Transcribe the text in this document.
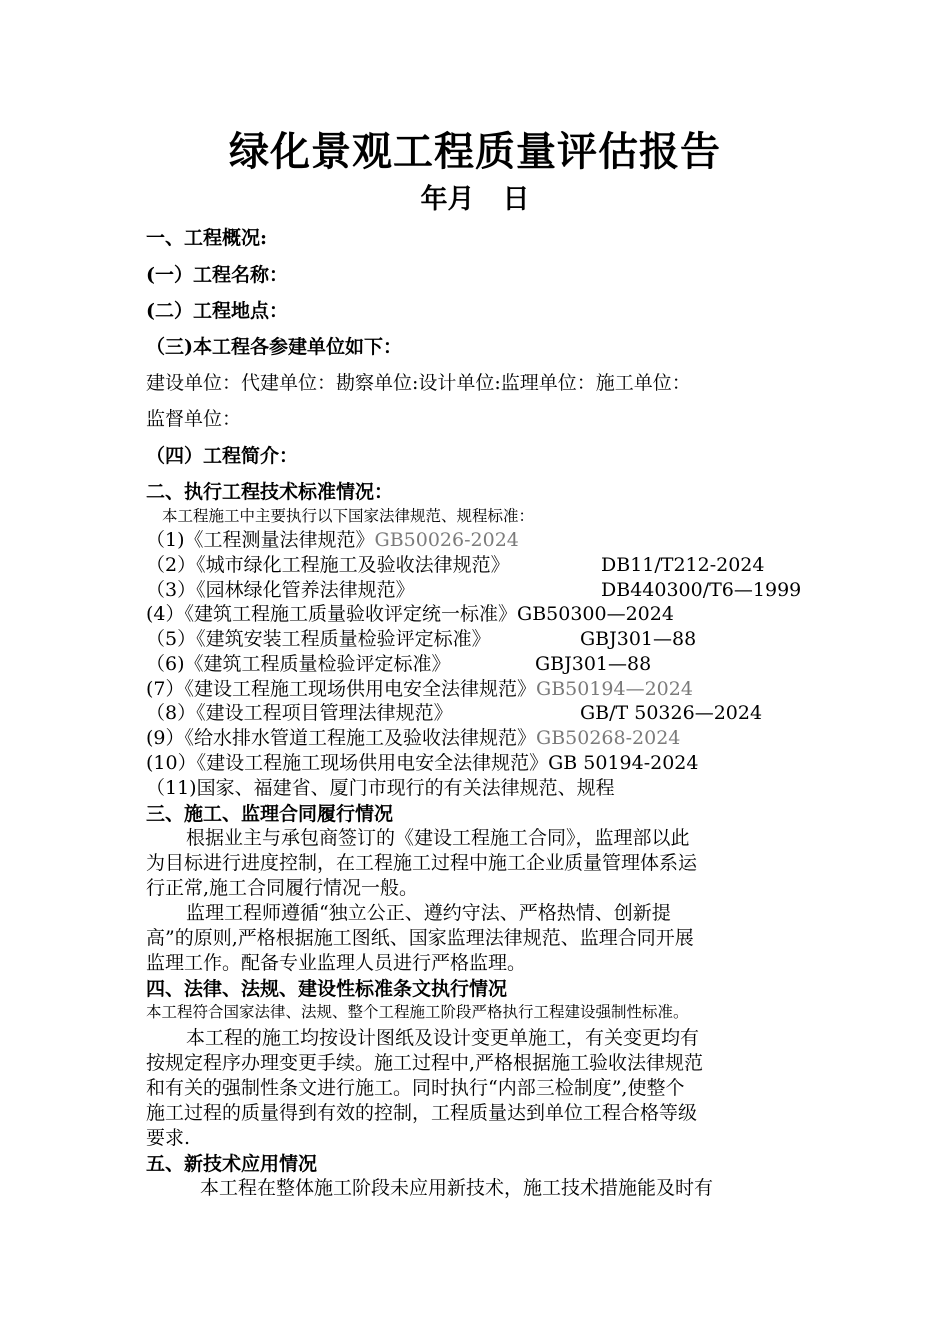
绿化景观工程质量评估报告
年月 日
一、工程概况:
(一）工程名称：
(二）工程地点：
（三)本工程各参建单位如下：
建设单位：代建单位：勘察单位:设计单位:监理单位：施工单位：
监督单位：
（四）工程简介：
二、执行工程技术标准情况：
本工程施工中主要执行以下国家法律规范、规程标准：
（1)《工程测量法律规范》GB50026-2024
（2）《城市绿化工程施工及验收法律规范》	DB11/T212-2024
（3）《园林绿化管养法律规范》	DB440300/T6—1999
(4）《建筑工程施工质量验收评定统一标准》GB50300—2024
（5）《建筑安装工程质量检验评定标准》	GBJ301—88
（6)《建筑工程质量检验评定标准》	GBJ301—88
(7）《建设工程施工现场供用电安全法律规范》GB50194—2024
（8）《建设工程项目管理法律规范》	GB/T 50326—2024
(9）《给水排水管道工程施工及验收法律规范》GB50268-2024
(10）《建设工程施工现场供用电安全法律规范》GB 50194-2024
（11)国家、福建省、厦门市现行的有关法律规范、规程
三、施工、监理合同履行情况
根据业主与承包商签订的《建设工程施工合同》，监理部以此
为目标进行进度控制，在工程施工过程中施工企业质量管理体系运
行正常,施工合同履行情况一般。
监理工程师遵循“独立公正、遵约守法、严格热情、创新提
高”的原则,严格根据施工图纸、国家监理法律规范、监理合同开展
监理工作。配备专业监理人员进行严格监理。
四、法律、法规、建设性标准条文执行情况
本工程符合国家法律、法规、整个工程施工阶段严格执行工程建设强制性标准。
本工程的施工均按设计图纸及设计变更单施工，有关变更均有
按规定程序办理变更手续。施工过程中,严格根据施工验收法律规范
和有关的强制性条文进行施工。同时执行“内部三检制度”,使整个
施工过程的质量得到有效的控制，工程质量达到单位工程合格等级
要求.
五、新技术应用情况
本工程在整体施工阶段未应用新技术，施工技术措施能及时有
